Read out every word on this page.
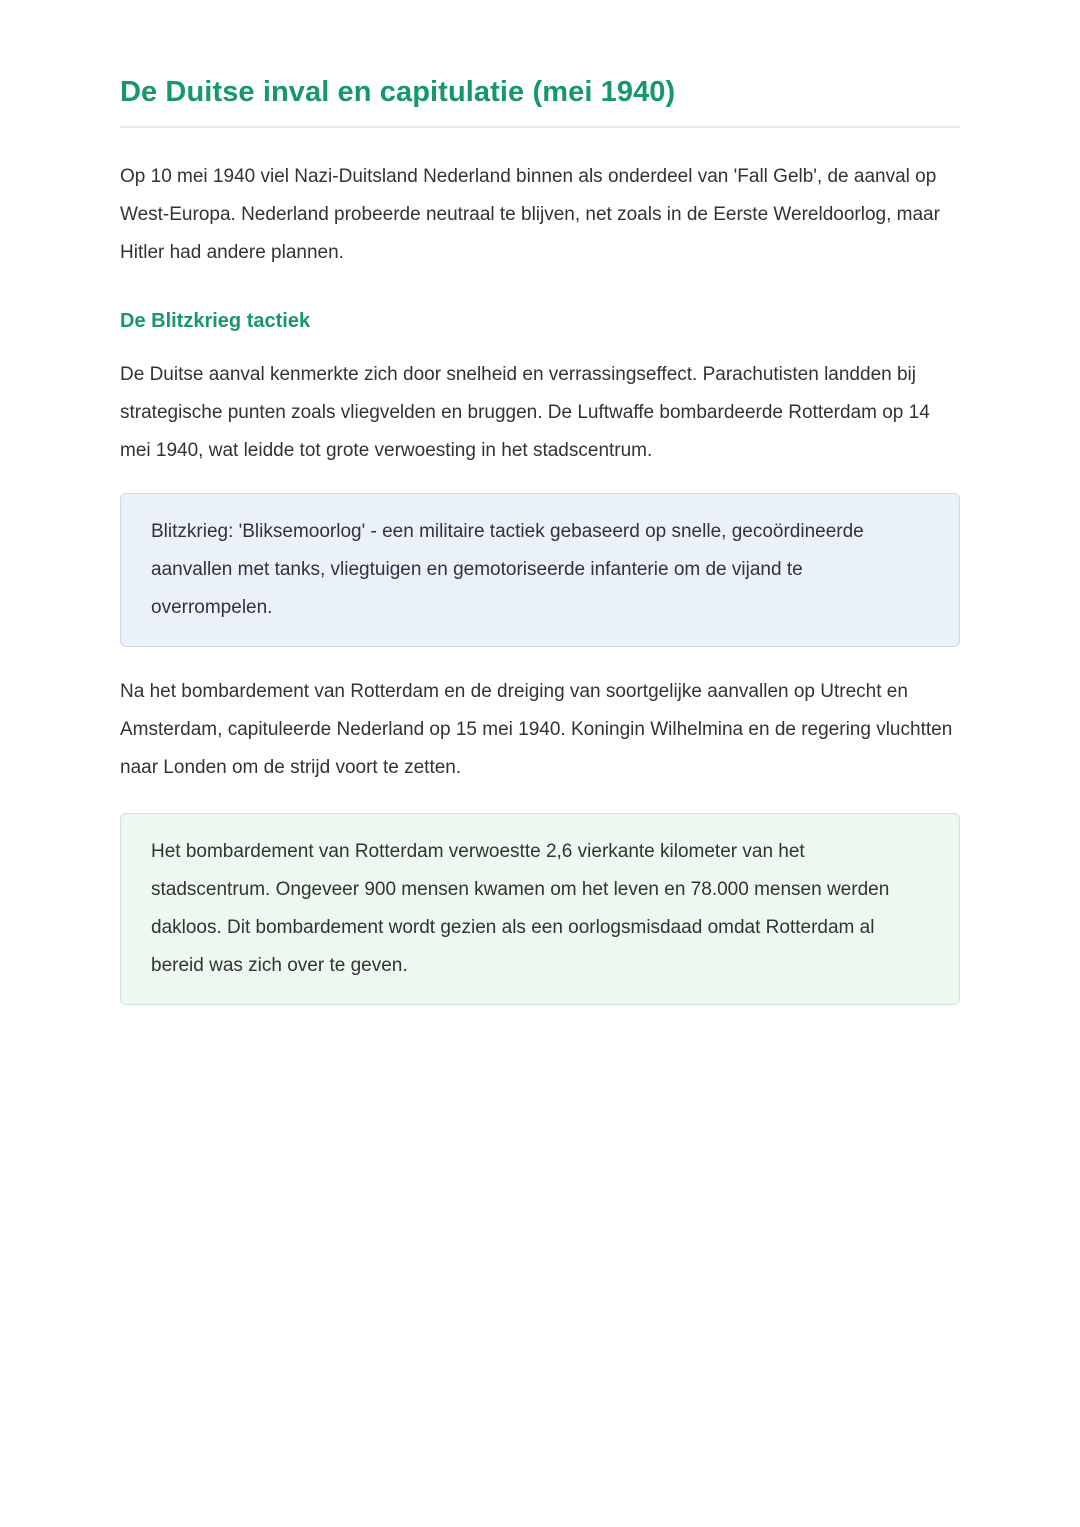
De Duitse inval en capitulatie (mei 1940)

Op 10 mei 1940 viel Nazi-Duitsland Nederland binnen als onderdeel van 'Fall Gelb', de aanval op West-Europa. Nederland probeerde neutraal te blijven, net zoals in de Eerste Wereldoorlog, maar Hitler had andere plannen.

De Blitzkrieg tactiek

De Duitse aanval kenmerkte zich door snelheid en verrassingseffect. Parachutisten landden bij strategische punten zoals vliegvelden en bruggen. De Luftwaffe bombardeerde Rotterdam op 14 mei 1940, wat leidde tot grote verwoesting in het stadscentrum.

Blitzkrieg: 'Bliksemoorlog' - een militaire tactiek gebaseerd op snelle, gecoördineerde aanvallen met tanks, vliegtuigen en gemotoriseerde infanterie om de vijand te overrompelen.

Na het bombardement van Rotterdam en de dreiging van soortgelijke aanvallen op Utrecht en Amsterdam, capituleerde Nederland op 15 mei 1940. Koningin Wilhelmina en de regering vluchtten naar Londen om de strijd voort te zetten.

Het bombardement van Rotterdam verwoestte 2,6 vierkante kilometer van het stadscentrum. Ongeveer 900 mensen kwamen om het leven en 78.000 mensen werden dakloos. Dit bombardement wordt gezien als een oorlogsmisdaad omdat Rotterdam al bereid was zich over te geven.
